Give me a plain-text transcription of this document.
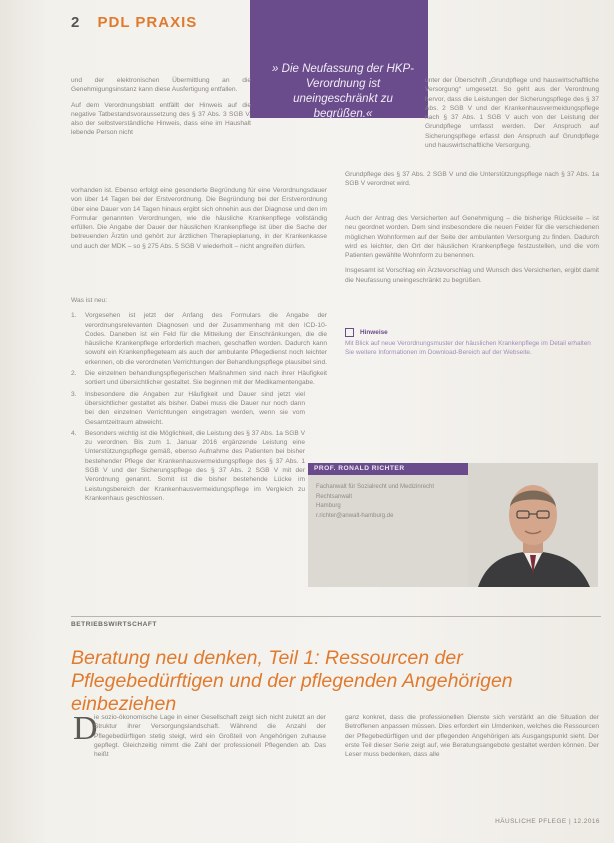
2 PDL PRAXIS
» Die Neufassung der HKP-Verordnung ist uneingeschränkt zu begrüßen.«

und der elektronischen Übermittlung an die Genehmigungsinstanz kann diese Ausfertigung entfallen.

Auf dem Verordnungsblatt entfällt der Hinweis auf die negative Tatbestandsvoraussetzung des § 37 Abs. 3 SGB V, also der selbstverständliche Hinweis, dass eine im Haushalt lebende Person nicht

vorhanden ist. Ebenso erfolgt eine gesonderte Begründung für eine Verordnungsdauer von über 14 Tagen bei der Erstverordnung. Die Begründung bei der Erstverordnung über eine Dauer von 14 Tagen hinaus ergibt sich ohnehin aus der Diagnose und den im Formular genannten Verordnungen, wie die häusliche Krankenpflege vollständig erfüllen. Die Angabe der Dauer der häuslichen Krankenpflege ist über die Sache der betreuenden Ärztin und gehört zur ärztlichen Therapieplanung, in der Krankenkasse und auch der MDK – so § 275 Abs. 5 SGB V wiederholt – nicht angreifen dürfen.

Was ist neu:

1. Vorgesehen ist jetzt der Anfang des Formulars die Angabe der verordnungsrelevanten Diagnosen und der Zusammenhang mit den ICD-10-Codes. Daneben ist ein Feld für die Mitteilung der Einschränkungen, die die häusliche Krankenpflege erforderlich machen, geschaffen worden. Dadurch kann sowohl ein Krankenpflegeteam als auch der ambulante Pflegedienst noch leichter erkennen, ob die verordneten Verrichtungen der Behandlungspflege plausibel sind.
2. Die einzelnen behandlungspflegerischen Maßnahmen sind nach ihrer Häufigkeit sortiert und übersichtlicher gestaltet. Sie beginnen mit der Medikamentengabe.
3. Insbesondere die Angaben zur Häufigkeit und Dauer sind jetzt viel übersichtlicher gestaltet als bisher. Dabei muss die Dauer nur noch dann bei den einzelnen Verrichtungen eingetragen werden, wenn sie vom Gesamtzeitraum abweicht.
4. Besonders wichtig ist die Möglichkeit, die Leistung des § 37 Abs. 1a SGB V zu verordnen. Bis zum 1. Januar 2016 ergänzende Leistung eine Unterstützungspflege gemäß, ebenso Aufnahme des Patienten bei bisher bestehender Pflege der Krankenhausvermeidungspflege des § 37 Abs. 1 SGB V und der Sicherungspflege des § 37 Abs. 2 SGB V mit der Verordnung genannt. Somit ist die bisher bestehende Lücke im Leistungsbereich der Krankenhausvermeidungspflege im Vergleich zu Krankenhaus geschlossen.

unter der Überschrift „Grundpflege und hauswirtschaftliche Versorgung“ umgesetzt. So geht aus der Verordnung hervor, dass die Leistungen der Sicherungspflege des § 37 Abs. 2 SGB V und der Krankenhausvermeidungspflege nach § 37 Abs. 1 SGB V auch von der Leistung der Grundpflege umfasst werden. Der Anspruch auf Sicherungspflege erfasst den Anspruch auf Grundpflege und hauswirtschaftliche Versorgung.

Grundpflege des § 37 Abs. 2 SGB V und die Unterstützungspflege nach § 37 Abs. 1a SGB V verordnet wird.

Auch der Antrag des Versicherten auf Genehmigung – die bisherige Rückseite – ist neu geordnet worden. Dem sind insbesondere die neuen Felder für die verschiedenen möglichen Wohnformen auf der Seite der ambulanten Versorgung zu finden. Dadurch wird es leichter, den Ort der häuslichen Krankenpflege festzustellen, und die vom Patienten gewählte Wohnform zu benennen.

Insgesamt ist Vorschlag ein Ärztevorschlag und Wunsch des Versicherten, ergibt damit die Neufassung uneingeschränkt zu begrüßen.

Hinweise
Mit Blick auf neue Verordnungsmuster der häuslichen Krankenpflege im Detail erhalten Sie weitere Informationen im Download-Bereich auf der Webseite.
PROF. RONALD RICHTER
Fachanwalt für Sozialrecht und Medizinrecht
Rechtsanwalt
Hamburg
r.richter@anwalt-hamburg.de
BETRIEBSWIRTSCHAFT
Beratung neu denken, Teil 1: Ressourcen der Pflegebedürftigen und der pflegenden Angehörigen einbeziehen
D

ie sozio-ökonomische Lage in einer Gesellschaft zeigt sich nicht zuletzt an der Struktur ihrer Versorgungslandschaft. Während die Anzahl der Pflegebedürftigen stetig steigt, wird ein Großteil von Angehörigen zuhause gepflegt. Gleichzeitig nimmt die Zahl der professionell Pflegenden ab. Das heißt

ganz konkret, dass die professionellen Dienste sich verstärkt an die Situation der Betroffenen anpassen müssen. Dies erfordert ein Umdenken, welches die Ressourcen der Pflegebedürftigen und der pflegenden Angehörigen als Ausgangspunkt sieht. Der erste Teil dieser Serie zeigt auf, wie Beratungsangebote gestaltet werden können. Der Leser muss bedenken, dass alle

HÄUSLICHE PFLEGE | 12.2016
